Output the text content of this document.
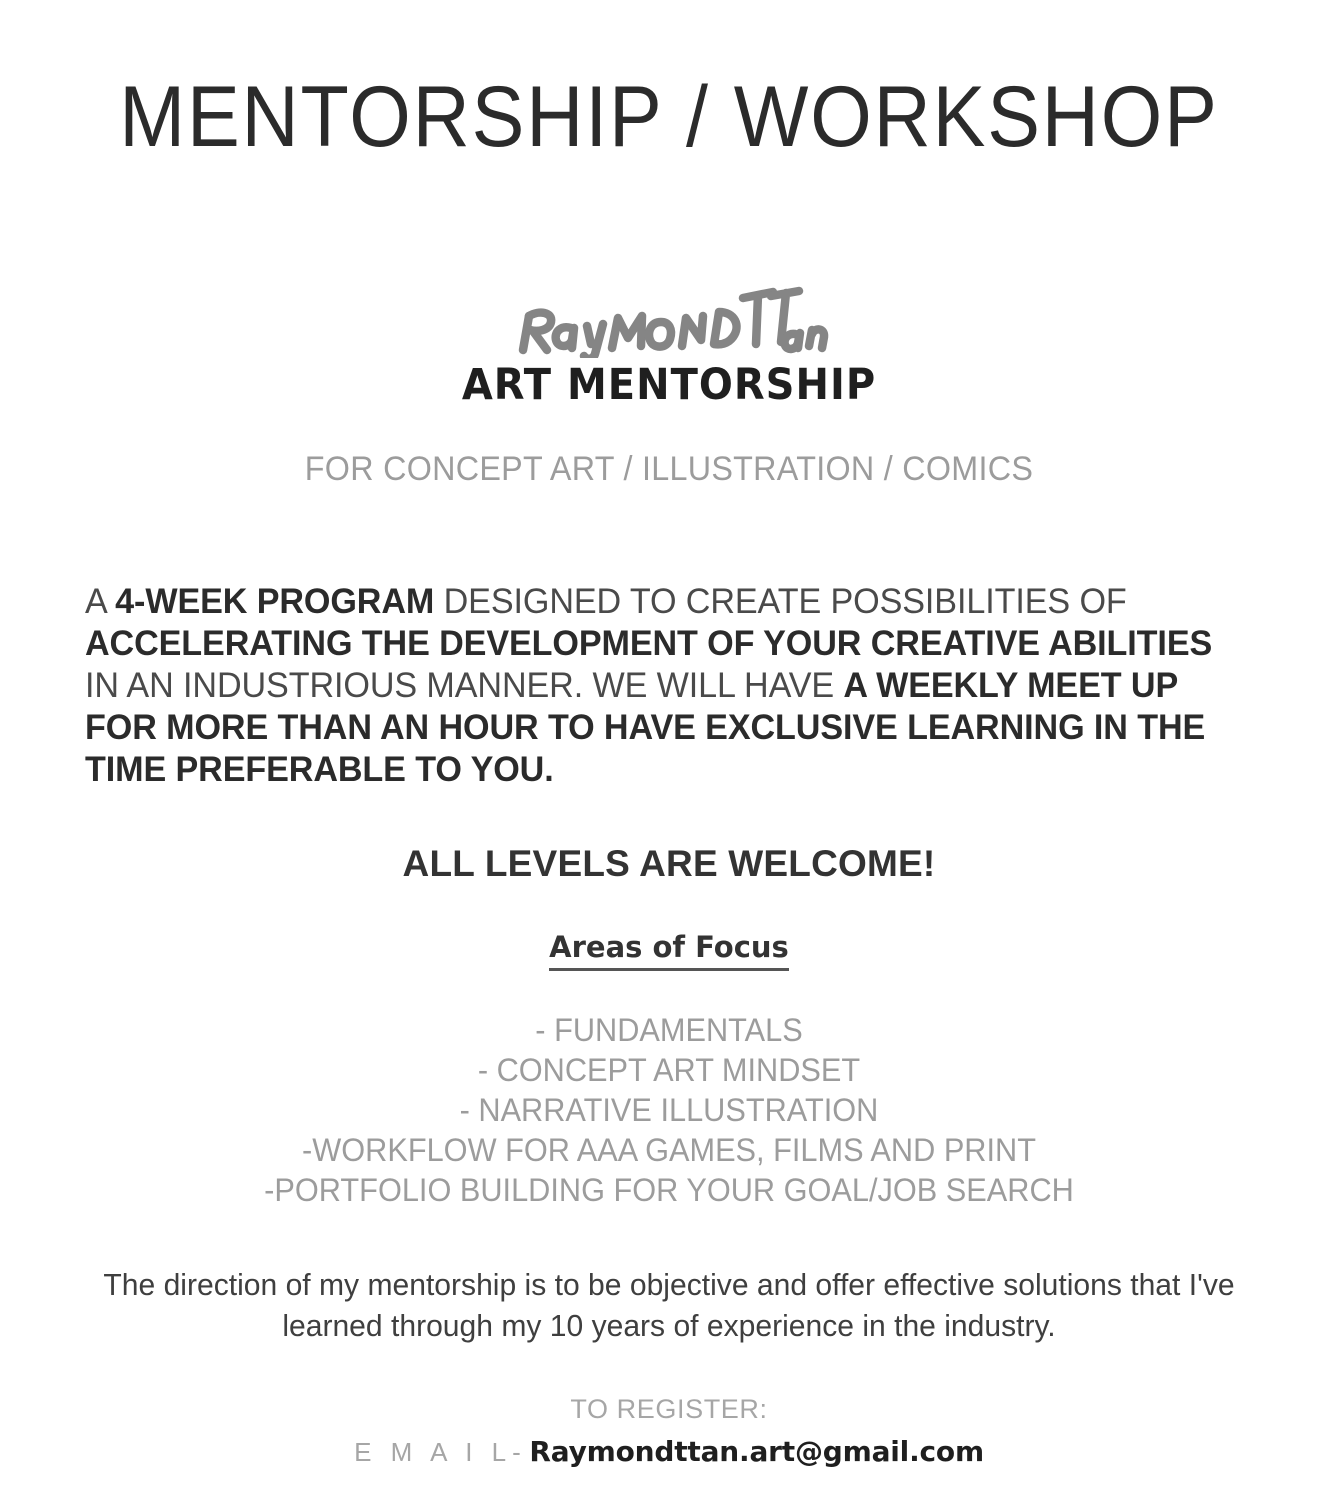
MENTORSHIP / WORKSHOP
ART MENTORSHIP
FOR CONCEPT ART / ILLUSTRATION / COMICS

A 4-WEEK PROGRAM DESIGNED TO CREATE POSSIBILITIES OF ACCELERATING THE DEVELOPMENT OF YOUR CREATIVE ABILITIES IN AN INDUSTRIOUS MANNER. WE WILL HAVE A WEEKLY MEET UP FOR MORE THAN AN HOUR TO HAVE EXCLUSIVE LEARNING IN THE TIME PREFERABLE TO YOU.

ALL LEVELS ARE WELCOME!
Areas of Focus
- FUNDAMENTALS
- CONCEPT ART MINDSET
- NARRATIVE ILLUSTRATION
-WORKFLOW FOR AAA GAMES, FILMS AND PRINT
-PORTFOLIO BUILDING FOR YOUR GOAL/JOB SEARCH

The direction of my mentorship is to be objective and offer effective solutions that I've learned through my 10 years of experience in the industry.

TO REGISTER:
E M A I L- Raymondttan.art@gmail.com
